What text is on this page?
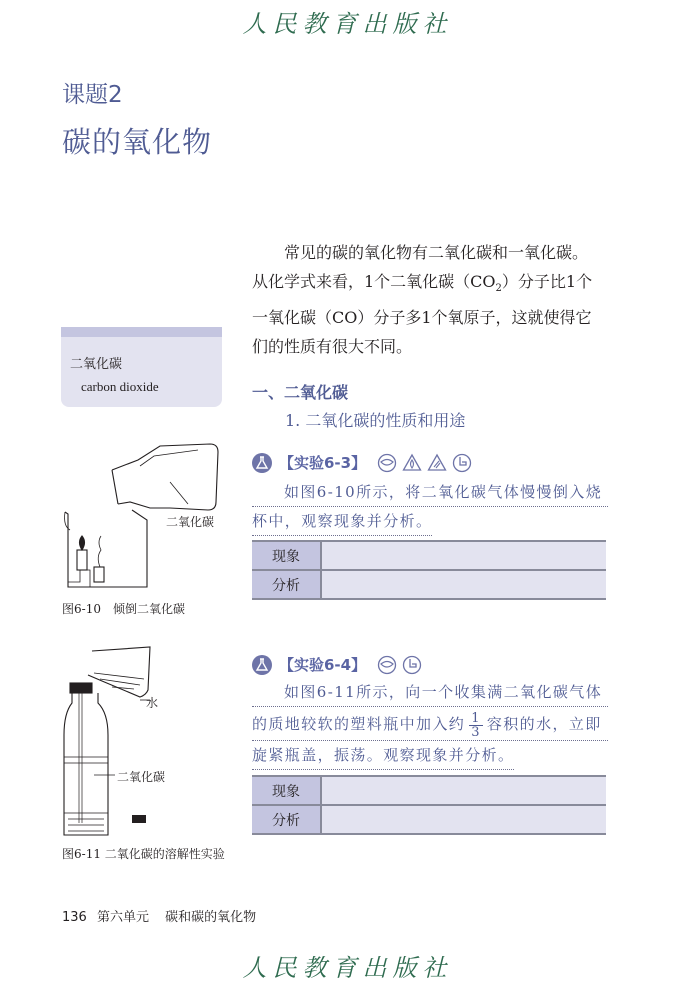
人民教育出版社
课题2
碳的氧化物
常见的碳的氧化物有二氧化碳和一氧化碳。
从化学式来看，1个二氧化碳$(CO_2)$分子比1个
一氧化碳（CO）分子多1个氧原子，这就使得它
们的性质有很大不同。
二氧化碳
carbon dioxide	一、二氧化碳
1. 二氧化碳的性质和用途
【实验6-3】
如图6-10所示，将二氧化碳气体慢慢倒入烧
杯中，观察现象并分析。
现象	
分析	
【实验6-4】
如图6-11所示，向一个收集满二氧化碳气体
的质地较软的塑料瓶中加入约 $\frac{1}{3}$ 容积的水，立即
旋紧瓶盖，振荡。观察现象并分析。
现象	
分析	
二氧化碳
图6-10　倾倒二氧化碳
水
二氧化碳
图6-11 二氧化碳的溶解性实验
136 第六单元 碳和碳的氧化物
人民教育出版社
